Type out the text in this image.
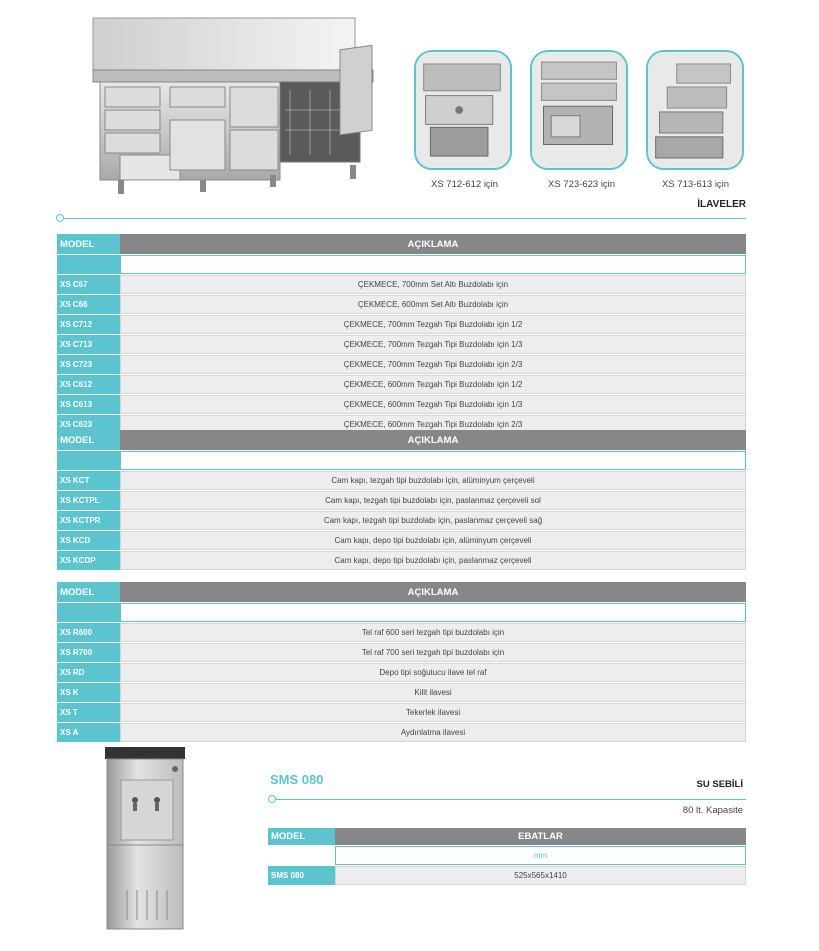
XS 712-612 için	XS 723-623 için	XS 713-613 için
İLAVELER
MODEL	AÇIKLAMA

XS C67	ÇEKMECE, 700mm Set Altı Buzdolabı için
XS C66	ÇEKMECE, 600mm Set Altı Buzdolabı için
XS C712	ÇEKMECE, 700mm Tezgah Tipi Buzdolabı için 1/2
XS C713	ÇEKMECE, 700mm Tezgah Tipi Buzdolabı için 1/3
XS C723	ÇEKMECE, 700mm Tezgah Tipi Buzdolabı için 2/3
XS C612	ÇEKMECE, 600mm Tezgah Tipi Buzdolabı için 1/2
XS C613	ÇEKMECE, 600mm Tezgah Tipi Buzdolabı için 1/3
XS C623	ÇEKMECE, 600mm Tezgah Tipi Buzdolabı için 2/3
MODEL	AÇIKLAMA

XS KCT	Cam kapı, tezgah tipi buzdolabı için, alüminyum çerçeveli
XS KCTPL	Cam kapı, tezgah tipi buzdolabı için, paslanmaz çerçeveli sol
XS KCTPR	Cam kapı, tezgah tipi buzdolabı için, paslanmaz çerçeveli sağ
XS KCD	Cam kapı, depo tipi buzdolabı için, alüminyum çerçeveli
XS KCDP	Cam kapı, depo tipi buzdolabı için, paslanmaz çerçeveli
MODEL	AÇIKLAMA

XS R600	Tel raf 600 seri tezgah tipi buzdolabı için
XS R700	Tel raf 700 seri tezgah tipi buzdolabı için
XS RD	Depo tipi soğutucu ilave tel raf
XS K	Kilit ilavesi
XS T	Tekerlek ilavesi
XS A	Aydınlatma ilavesi
SMS 080	SU SEBİLİ
80 lt. Kapasite
MODEL	EBATLAR
	mm
SMS 080	525x565x1410
